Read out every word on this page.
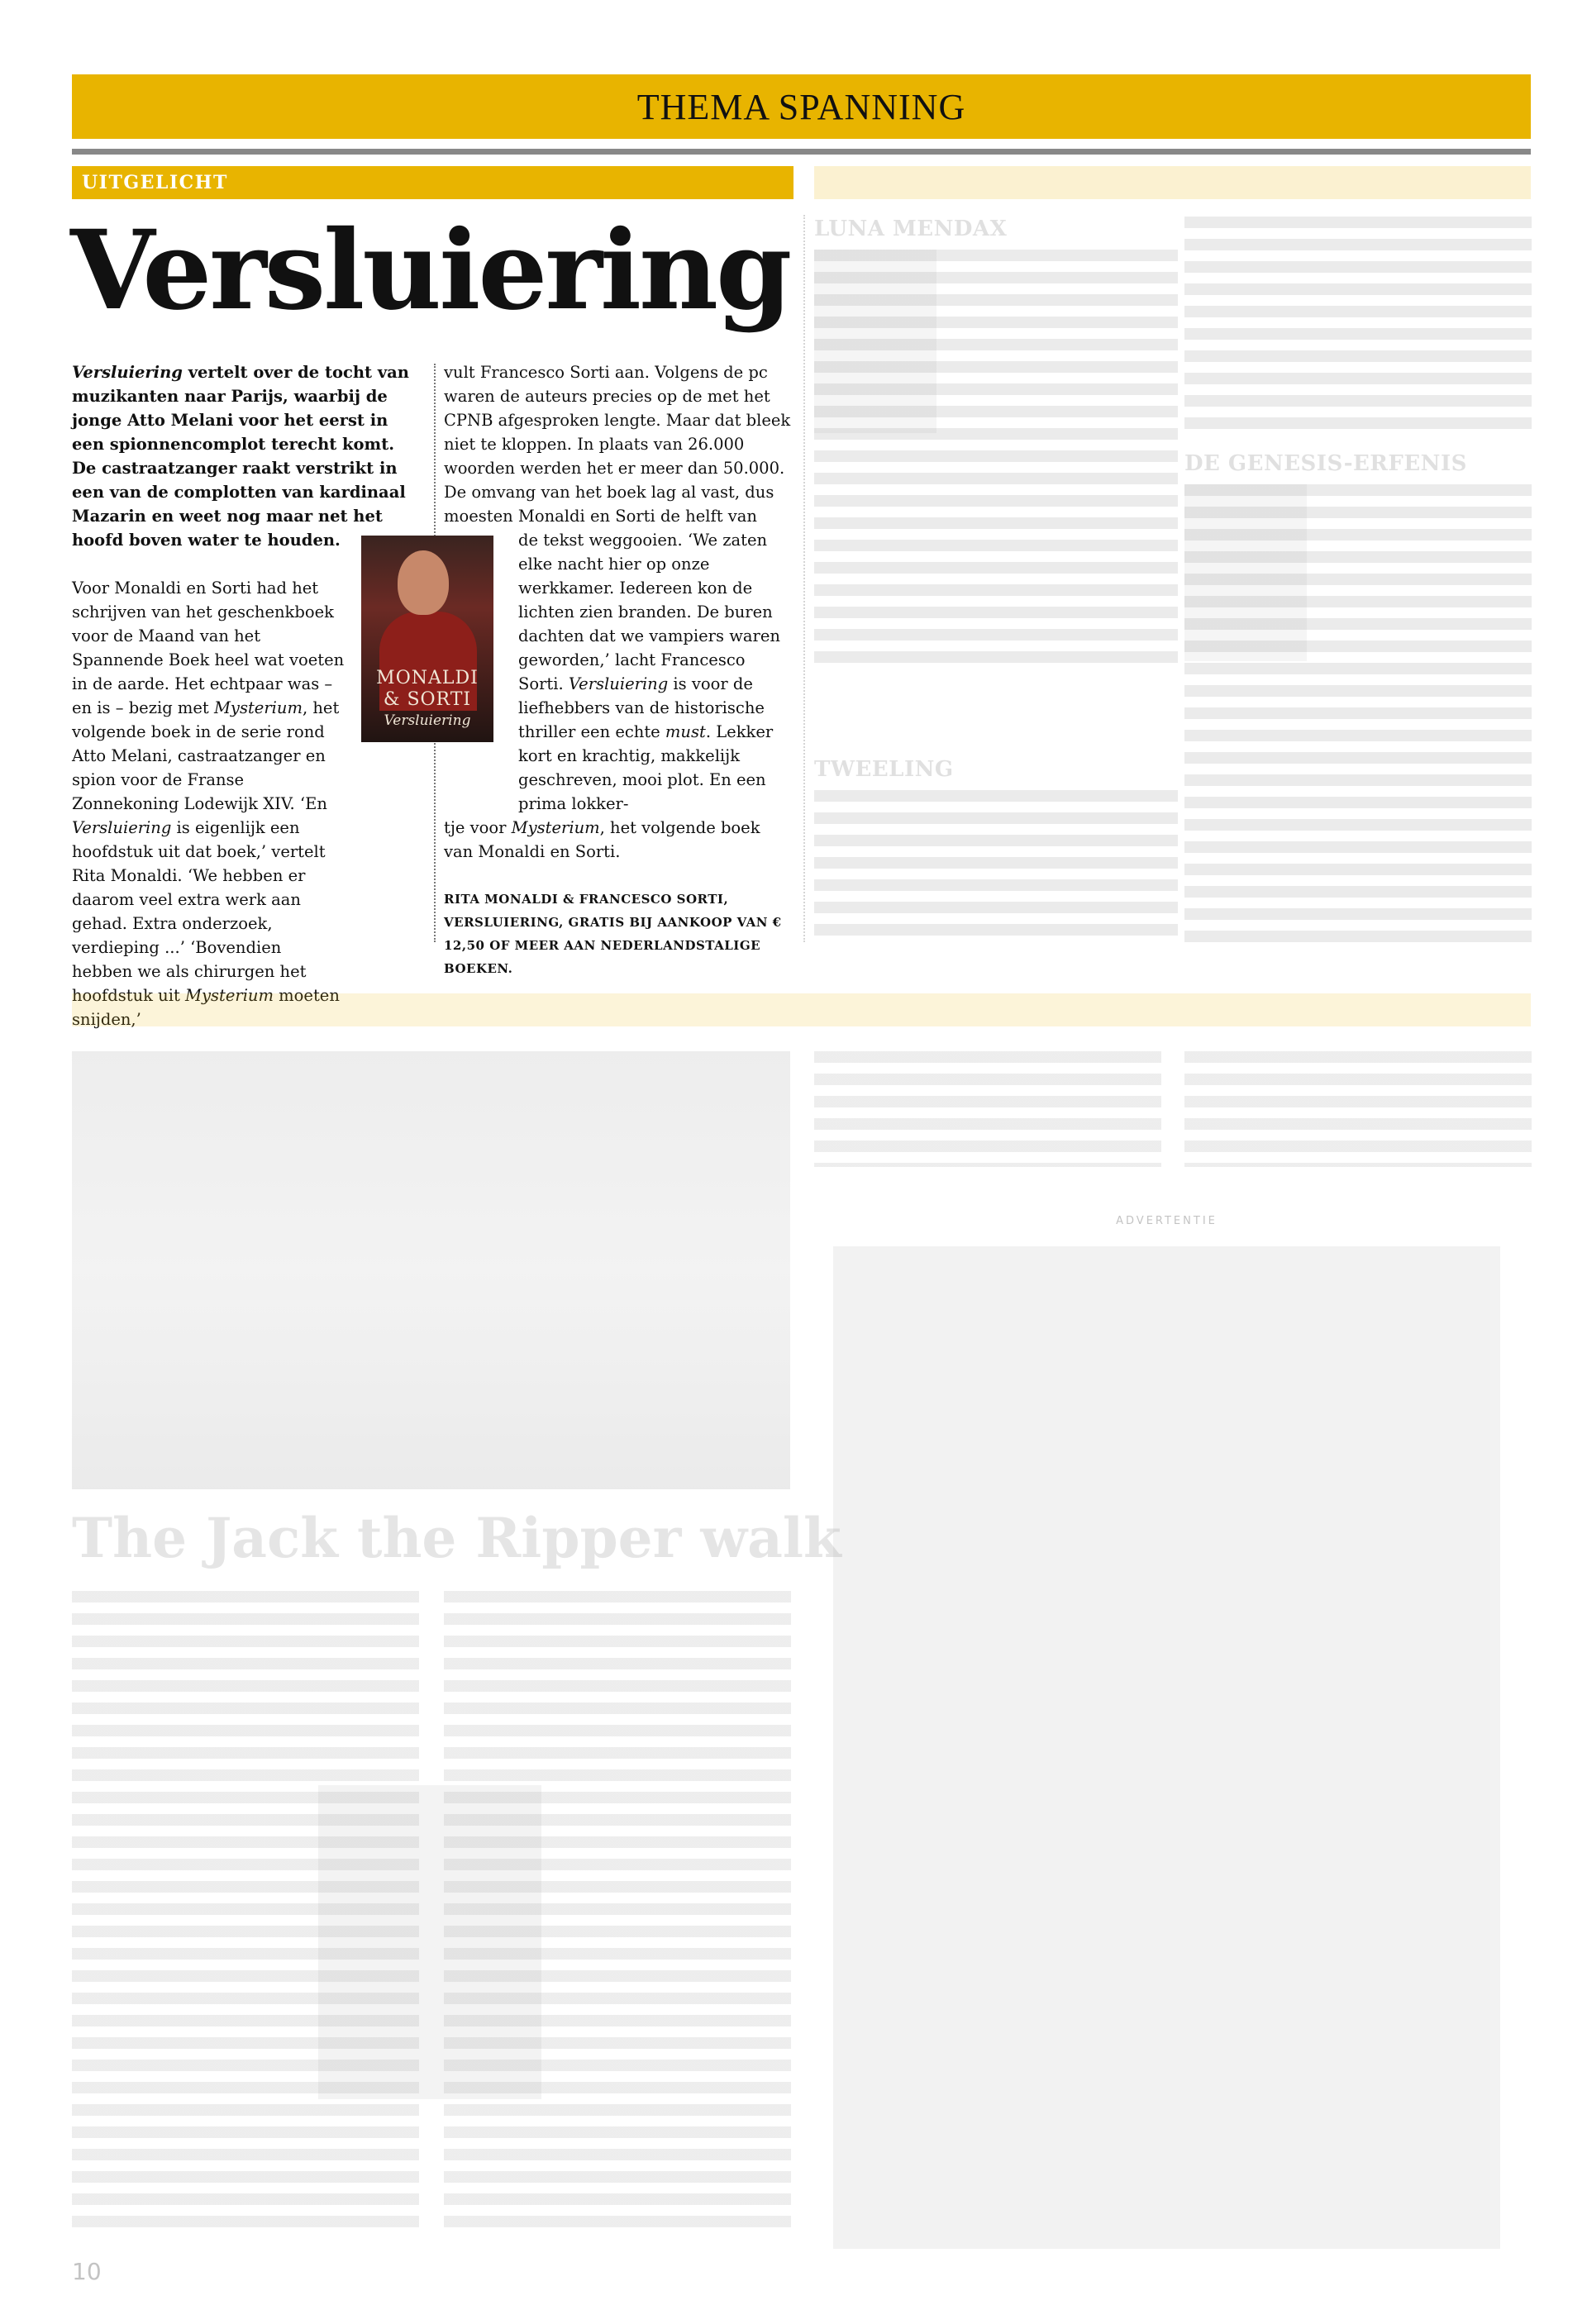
THEMA SPANNING
UITGELICHT
Versluiering

Versluiering vertelt over de tocht van muzikanten naar Parijs, waarbij de jonge Atto Melani voor het eerst in een spionnencomplot terecht komt. De castraatzanger raakt verstrikt in een van de complotten van kardinaal Mazarin en weet nog maar net het hoofd boven water te houden.

Voor Monaldi en Sorti had het schrijven van het geschenkboek voor de Maand van het Spannende Boek heel wat voeten in de aarde. Het echtpaar was – en is – bezig met Mysterium, het volgende boek in de serie rond Atto Melani, castraatzanger en spion voor de Franse Zonnekoning Lodewijk XIV. ‘En Versluiering is eigenlijk een hoofdstuk uit dat boek,’ vertelt Rita Monaldi. ‘We hebben er daarom veel extra werk aan gehad. Extra onderzoek, verdieping ...’ ‘Bovendien hebben we als chirurgen het hoofdstuk uit Mysterium moeten snijden,’

MONALDI
& SORTI
Versluiering

vult Francesco Sorti aan. Volgens de pc waren de auteurs precies op de met het CPNB afgesproken lengte. Maar dat bleek niet te kloppen. In plaats van 26.000 woorden werden het er meer dan 50.000. De omvang van het boek lag al vast, dus moesten Monaldi en Sorti de helft van
de tekst weggooien. ‘We zaten elke nacht hier op onze werkkamer. Iedereen kon de lichten zien branden. De buren dachten dat we vampiers waren geworden,’ lacht Francesco Sorti. Versluiering is voor de liefhebbers van de historische thriller een echte must. Lekker kort en krachtig, makkelijk geschreven, mooi plot. En een prima lokker-
tje voor Mysterium, het volgende boek van Monaldi en Sorti.

RITA MONALDI & FRANCESCO SORTI, VERSLUIERING, GRATIS BIJ AANKOOP VAN € 12,50 OF MEER AAN NEDERLANDSTALIGE BOEKEN.

LUNA MENDAX
TWEELING
DE GENESIS-ERFENIS
The Jack the Ripper walk
ADVERTENTIE
10
